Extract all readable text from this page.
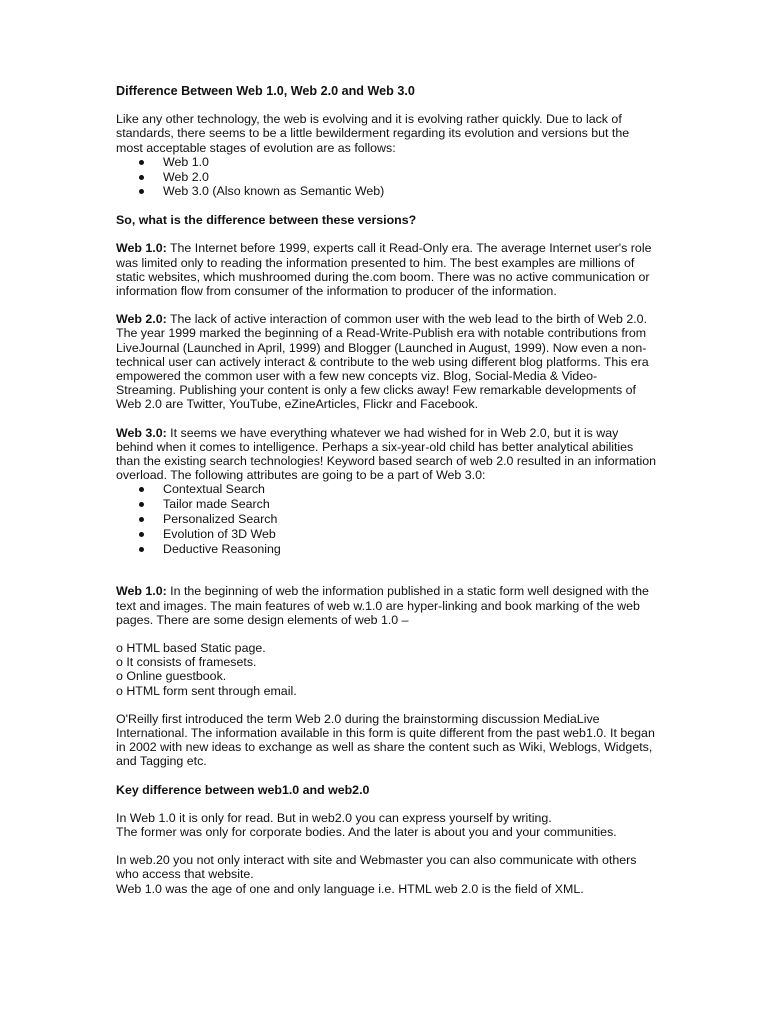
Difference Between Web 1.0, Web 2.0 and Web 3.0

Like any other technology, the web is evolving and it is evolving rather quickly. Due to lack of standards, there seems to be a little bewilderment regarding its evolution and versions but the most acceptable stages of evolution are as follows:

Web 1.0
Web 2.0
Web 3.0 (Also known as Semantic Web)

So, what is the difference between these versions?

Web 1.0: The Internet before 1999, experts call it Read-Only era. The average Internet user's role was limited only to reading the information presented to him. The best examples are millions of static websites, which mushroomed during the.com boom. There was no active communication or information flow from consumer of the information to producer of the information.

Web 2.0: The lack of active interaction of common user with the web lead to the birth of Web 2.0. The year 1999 marked the beginning of a Read-Write-Publish era with notable contributions from LiveJournal (Launched in April, 1999) and Blogger (Launched in August, 1999). Now even a non-technical user can actively interact & contribute to the web using different blog platforms. This era empowered the common user with a few new concepts viz. Blog, Social-Media & Video-Streaming. Publishing your content is only a few clicks away! Few remarkable developments of Web 2.0 are Twitter, YouTube, eZineArticles, Flickr and Facebook.

Web 3.0: It seems we have everything whatever we had wished for in Web 2.0, but it is way behind when it comes to intelligence. Perhaps a six-year-old child has better analytical abilities than the existing search technologies! Keyword based search of web 2.0 resulted in an information overload. The following attributes are going to be a part of Web 3.0:

Contextual Search
Tailor made Search
Personalized Search
Evolution of 3D Web
Deductive Reasoning

Web 1.0: In the beginning of web the information published in a static form well designed with the text and images. The main features of web w.1.0 are hyper-linking and book marking of the web pages. There are some design elements of web 1.0 –

o HTML based Static page.
o It consists of framesets.
o Online guestbook.
o HTML form sent through email.

O'Reilly first introduced the term Web 2.0 during the brainstorming discussion MediaLive International. The information available in this form is quite different from the past web1.0. It began in 2002 with new ideas to exchange as well as share the content such as Wiki, Weblogs, Widgets, and Tagging etc.

Key difference between web1.0 and web2.0

In Web 1.0 it is only for read. But in web2.0 you can express yourself by writing.
The former was only for corporate bodies. And the later is about you and your communities.

In web.20 you not only interact with site and Webmaster you can also communicate with others who access that website.
Web 1.0 was the age of one and only language i.e. HTML web 2.0 is the field of XML.
